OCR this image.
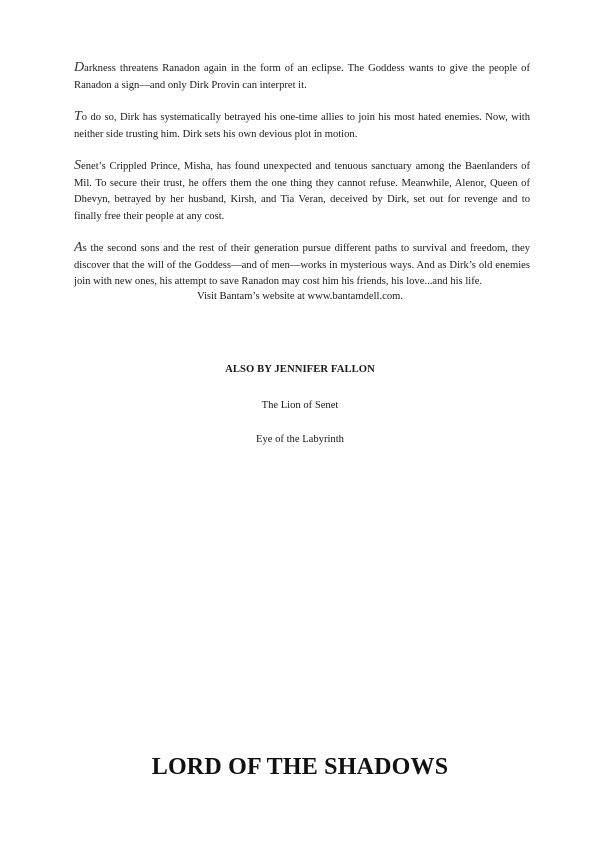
Darkness threatens Ranadon again in the form of an eclipse. The Goddess wants to give the people of Ranadon a sign—and only Dirk Provin can interpret it.

To do so, Dirk has systematically betrayed his one-time allies to join his most hated enemies. Now, with neither side trusting him. Dirk sets his own devious plot in motion.

Senet’s Crippled Prince, Misha, has found unexpected and tenuous sanctuary among the Baenlanders of Mil. To secure their trust, he offers them the one thing they cannot refuse. Meanwhile, Alenor, Queen of Dhevyn, betrayed by her husband, Kirsh, and Tia Veran, deceived by Dirk, set out for revenge and to finally free their people at any cost.

As the second sons and the rest of their generation pursue different paths to survival and freedom, they discover that the will of the Goddess—and of men—works in mysterious ways. And as Dirk’s old enemies join with new ones, his attempt to save Ranadon may cost him his friends, his love...and his life.

Visit Bantam’s website at www.bantamdell.com.
ALSO BY JENNIFER FALLON
The Lion of Senet
Eye of the Labyrinth
LORD OF THE SHADOWS
